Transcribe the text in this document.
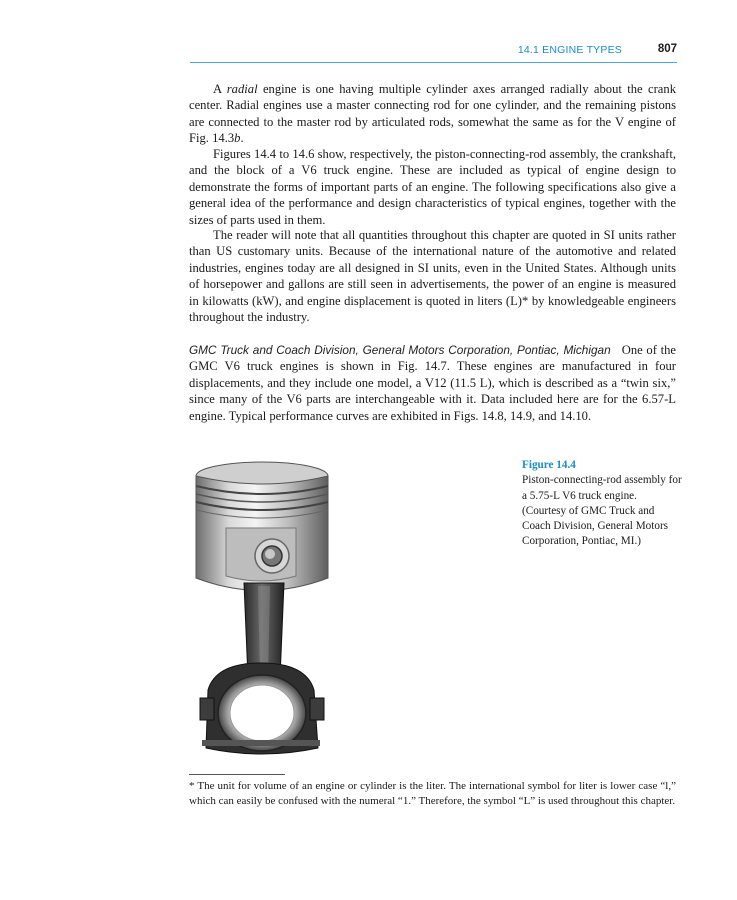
14.1 ENGINE TYPES	807

A radial engine is one having multiple cylinder axes arranged radially about the crank center. Radial engines use a master connecting rod for one cylinder, and the remaining pistons are connected to the master rod by articulated rods, somewhat the same as for the V engine of Fig. 14.3b.

Figures 14.4 to 14.6 show, respectively, the piston-connecting-rod assembly, the crankshaft, and the block of a V6 truck engine. These are included as typical of engine design to demonstrate the forms of important parts of an engine. The following specifications also give a general idea of the performance and design characteristics of typical engines, together with the sizes of parts used in them.

The reader will note that all quantities throughout this chapter are quoted in SI units rather than US customary units. Because of the international nature of the automotive and related industries, engines today are all designed in SI units, even in the United States. Although units of horsepower and gallons are still seen in advertisements, the power of an engine is measured in kilowatts (kW), and engine displacement is quoted in liters (L)* by knowledgeable engineers throughout the industry.

GMC Truck and Coach Division, General Motors Corporation, Pontiac, Michigan One of the GMC V6 truck engines is shown in Fig. 14.7. These engines are manufactured in four displacements, and they include one model, a V12 (11.5 L), which is described as a “twin six,” since many of the V6 parts are interchangeable with it. Data included here are for the 6.57-L engine. Typical performance curves are exhibited in Figs. 14.8, 14.9, and 14.10.

Figure 14.4
Piston-connecting-rod assembly for a 5.75-L V6 truck engine. (Courtesy of GMC Truck and Coach Division, General Motors Corporation, Pontiac, MI.)

* The unit for volume of an engine or cylinder is the liter. The international symbol for liter is lower case “l,” which can easily be confused with the numeral “1.” Therefore, the symbol “L” is used throughout this chapter.
